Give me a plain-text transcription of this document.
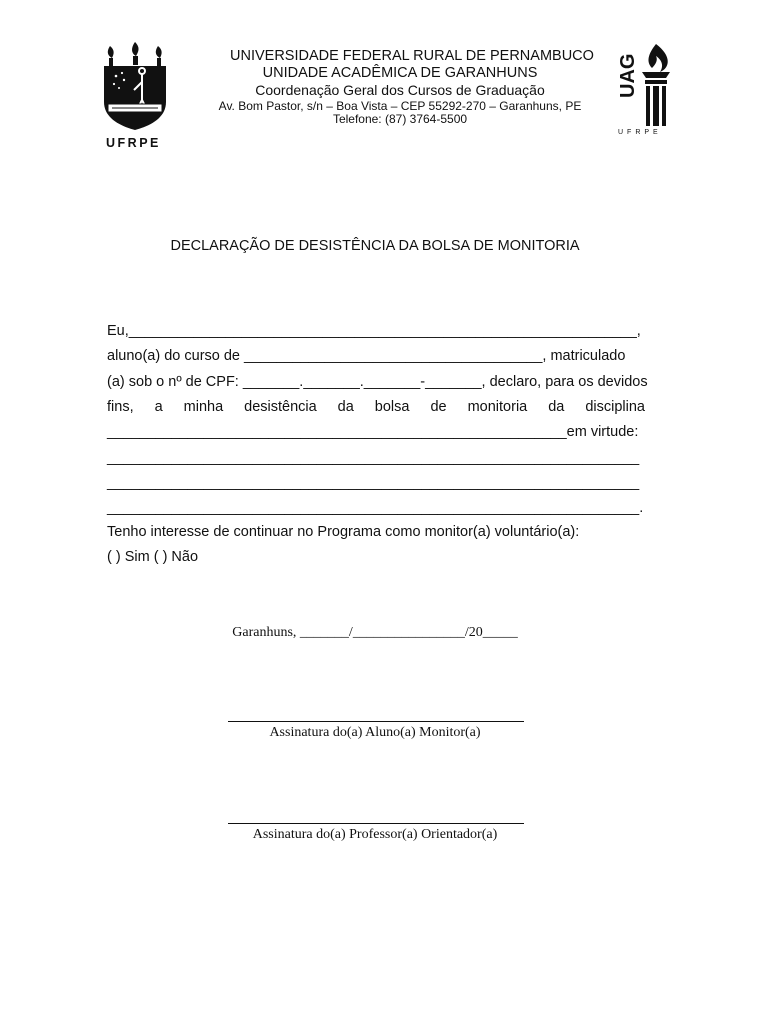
UFRPE
UNIVERSIDADE FEDERAL RURAL DE PERNAMBUCO
UNIDADE ACADÊMICA DE GARANHUNS
Coordenação Geral dos Cursos de Graduação
Av. Bom Pastor, s/n – Boa Vista – CEP 55292-270 – Garanhuns, PE
Telefone: (87) 3764-5500
UAG
UFRPE
DECLARAÇÃO DE DESISTÊNCIA DA BOLSA DE MONITORIA
Eu,_______________________________________________________________,
aluno(a) do curso de _____________________________________, matriculado
(a) sob o nº de CPF: _______._______._______-_______, declaro, para os devidos
fins, a minha desistência da bolsa de monitoria da disciplina
_________________________________________________________em virtude:
__________________________________________________________________
__________________________________________________________________
__________________________________________________________________.
Tenho interesse de continuar no Programa como monitor(a) voluntário(a):
( ) Sim ( ) Não
Garanhuns, _______/________________/20_____
Assinatura do(a) Aluno(a) Monitor(a)
Assinatura do(a) Professor(a) Orientador(a)
